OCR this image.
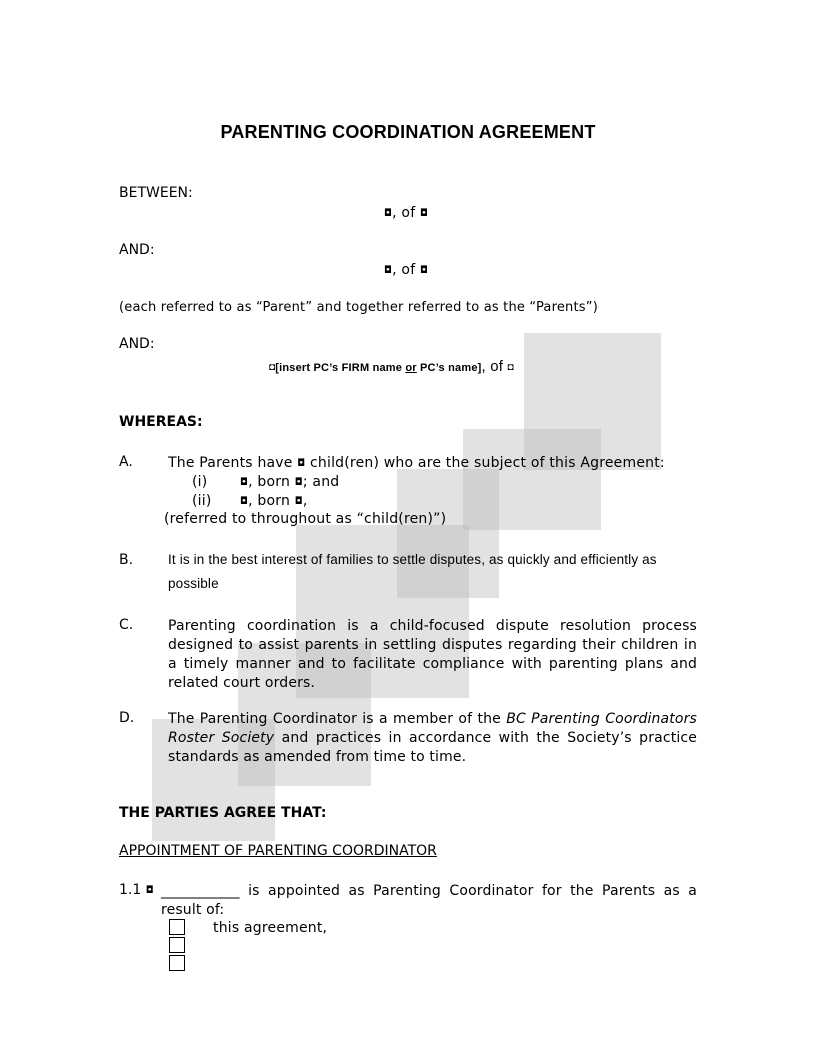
PARENTING COORDINATION AGREEMENT
BETWEEN:
◘, of ◘
AND:
◘, of ◘
(each referred to as “Parent” and together referred to as the “Parents”)
AND:
◘[insert PC’s FIRM name or PC’s name], of ◘
WHEREAS:
A.	The Parents have ◘ child(ren) who are the subject of this Agreement:
(i)	◘, born ◘; and
(ii)	◘, born ◘,
(referred to throughout as “child(ren)”)
B.	It is in the best interest of families to settle disputes, as quickly and efficiently as possible
C. Parenting coordination is a child-focused dispute resolution process designed to assist parents in settling disputes regarding their children in a timely manner and to facilitate compliance with parenting plans and related court orders.
D. The Parenting Coordinator is a member of the BC Parenting Coordinators Roster Society and practices in accordance with the Society’s practice standards as amended from time to time.
THE PARTIES AGREE THAT:
APPOINTMENT OF PARENTING COORDINATOR
1.1 ◘ ___________ is appointed as Parenting Coordinator for the Parents as a result of:
this agreement,
